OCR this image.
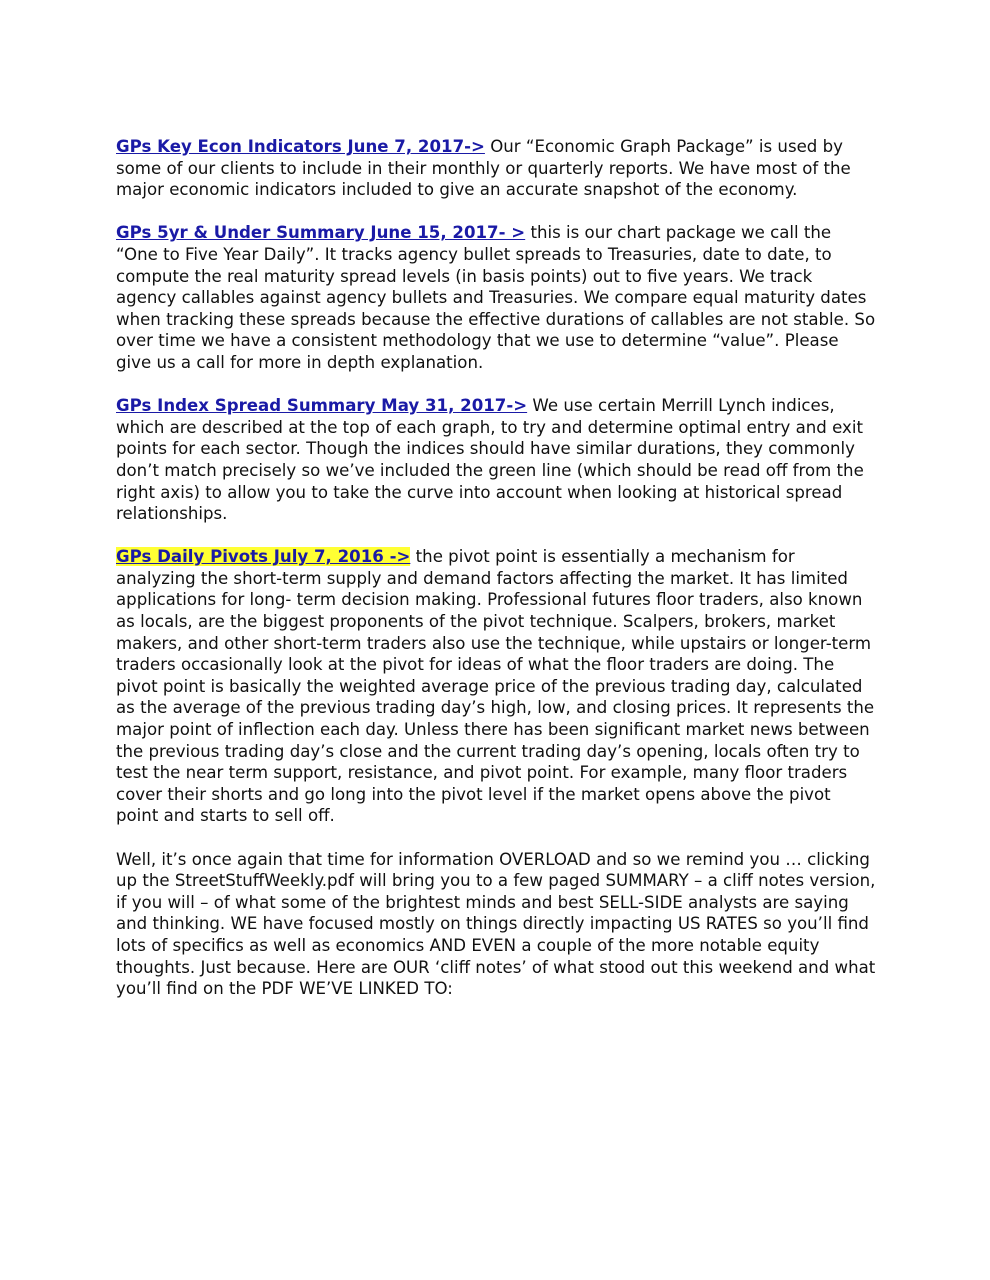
GPs Key Econ Indicators June 7, 2017-> Our “Economic Graph Package” is used by some of our clients to include in their monthly or quarterly reports. We have most of the major economic indicators included to give an accurate snapshot of the economy.

GPs 5yr & Under Summary June 15, 2017- > this is our chart package we call the “One to Five Year Daily”. It tracks agency bullet spreads to Treasuries, date to date, to compute the real maturity spread levels (in basis points) out to five years. We track agency callables against agency bullets and Treasuries. We compare equal maturity dates when tracking these spreads because the effective durations of callables are not stable. So over time we have a consistent methodology that we use to determine “value”. Please give us a call for more in depth explanation.

GPs Index Spread Summary May 31, 2017-> We use certain Merrill Lynch indices, which are described at the top of each graph, to try and determine optimal entry and exit points for each sector. Though the indices should have similar durations, they commonly don’t match precisely so we’ve included the green line (which should be read off from the right axis) to allow you to take the curve into account when looking at historical spread relationships.

GPs Daily Pivots July 7, 2016 -> the pivot point is essentially a mechanism for analyzing the short-term supply and demand factors affecting the market. It has limited applications for long- term decision making. Professional futures floor traders, also known as locals, are the biggest proponents of the pivot technique. Scalpers, brokers, market makers, and other short-term traders also use the technique, while upstairs or longer-term traders occasionally look at the pivot for ideas of what the floor traders are doing. The pivot point is basically the weighted average price of the previous trading day, calculated as the average of the previous trading day’s high, low, and closing prices. It represents the major point of inflection each day. Unless there has been significant market news between the previous trading day’s close and the current trading day’s opening, locals often try to test the near term support, resistance, and pivot point. For example, many floor traders cover their shorts and go long into the pivot level if the market opens above the pivot point and starts to sell off.

Well, it’s once again that time for information OVERLOAD and so we remind you … clicking up the StreetStuffWeekly.pdf will bring you to a few paged SUMMARY – a cliff notes version, if you will – of what some of the brightest minds and best SELL-SIDE analysts are saying and thinking. WE have focused mostly on things directly impacting US RATES so you’ll find lots of specifics as well as economics AND EVEN a couple of the more notable equity thoughts. Just because. Here are OUR ‘cliff notes’ of what stood out this weekend and what you’ll find on the PDF WE’VE LINKED TO:
